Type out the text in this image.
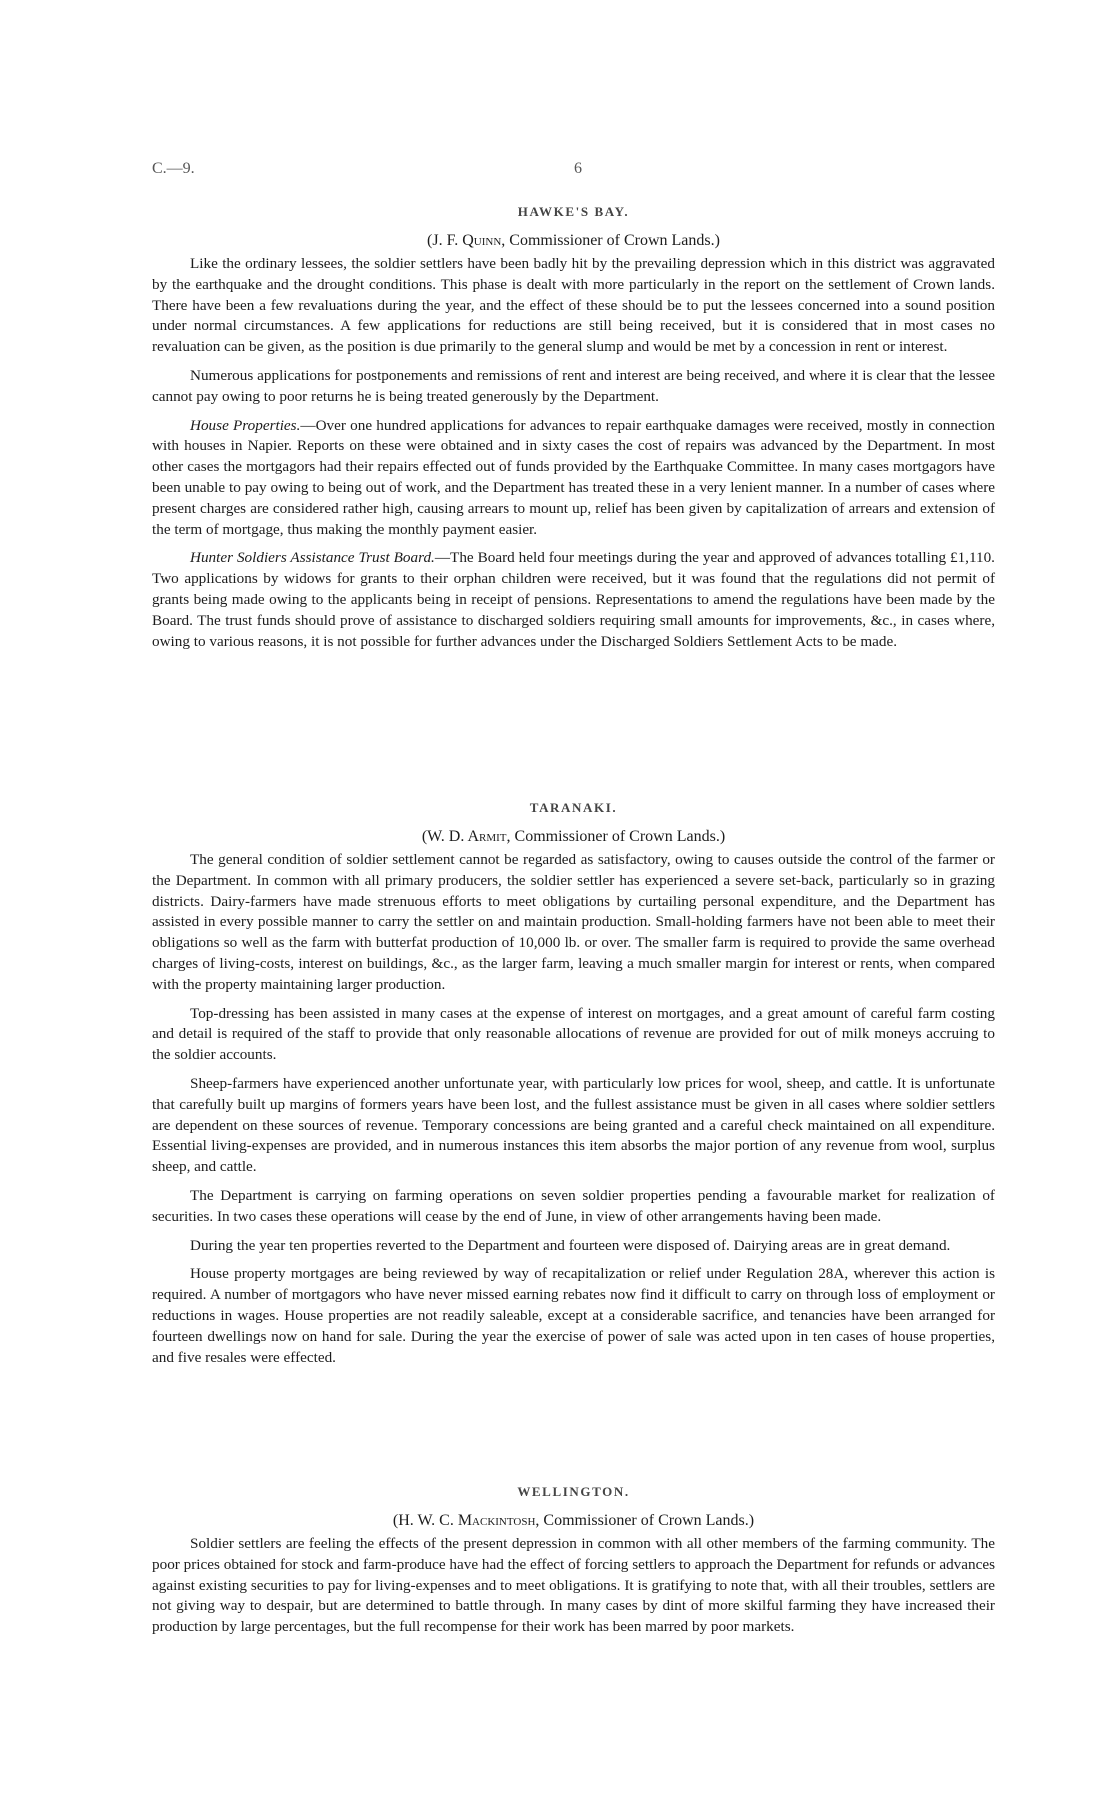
C.—9.	6
HAWKE'S BAY.

(J. F. Quinn, Commissioner of Crown Lands.)

Like the ordinary lessees, the soldier settlers have been badly hit by the prevailing depression which in this district was aggravated by the earthquake and the drought conditions. This phase is dealt with more particularly in the report on the settlement of Crown lands. There have been a few revaluations during the year, and the effect of these should be to put the lessees concerned into a sound position under normal circumstances. A few applications for reductions are still being received, but it is considered that in most cases no revaluation can be given, as the position is due primarily to the general slump and would be met by a concession in rent or interest.

Numerous applications for postponements and remissions of rent and interest are being received, and where it is clear that the lessee cannot pay owing to poor returns he is being treated generously by the Department.

House Properties.—Over one hundred applications for advances to repair earthquake damages were received, mostly in connection with houses in Napier. Reports on these were obtained and in sixty cases the cost of repairs was advanced by the Department. In most other cases the mortgagors had their repairs effected out of funds provided by the Earthquake Committee. In many cases mortgagors have been unable to pay owing to being out of work, and the Department has treated these in a very lenient manner. In a number of cases where present charges are considered rather high, causing arrears to mount up, relief has been given by capitalization of arrears and extension of the term of mortgage, thus making the monthly payment easier.

Hunter Soldiers Assistance Trust Board.—The Board held four meetings during the year and approved of advances totalling £1,110. Two applications by widows for grants to their orphan children were received, but it was found that the regulations did not permit of grants being made owing to the applicants being in receipt of pensions. Representations to amend the regulations have been made by the Board. The trust funds should prove of assistance to discharged soldiers requiring small amounts for improvements, &c., in cases where, owing to various reasons, it is not possible for further advances under the Discharged Soldiers Settlement Acts to be made.

TARANAKI.

(W. D. Armit, Commissioner of Crown Lands.)

The general condition of soldier settlement cannot be regarded as satisfactory, owing to causes outside the control of the farmer or the Department. In common with all primary producers, the soldier settler has experienced a severe set-back, particularly so in grazing districts. Dairy-farmers have made strenuous efforts to meet obligations by curtailing personal expenditure, and the Department has assisted in every possible manner to carry the settler on and maintain production. Small-holding farmers have not been able to meet their obligations so well as the farm with butterfat production of 10,000 lb. or over. The smaller farm is required to provide the same overhead charges of living-costs, interest on buildings, &c., as the larger farm, leaving a much smaller margin for interest or rents, when compared with the property maintaining larger production.

Top-dressing has been assisted in many cases at the expense of interest on mortgages, and a great amount of careful farm costing and detail is required of the staff to provide that only reasonable allocations of revenue are provided for out of milk moneys accruing to the soldier accounts.

Sheep-farmers have experienced another unfortunate year, with particularly low prices for wool, sheep, and cattle. It is unfortunate that carefully built up margins of formers years have been lost, and the fullest assistance must be given in all cases where soldier settlers are dependent on these sources of revenue. Temporary concessions are being granted and a careful check maintained on all expenditure. Essential living-expenses are provided, and in numerous instances this item absorbs the major portion of any revenue from wool, surplus sheep, and cattle.

The Department is carrying on farming operations on seven soldier properties pending a favourable market for realization of securities. In two cases these operations will cease by the end of June, in view of other arrangements having been made.

During the year ten properties reverted to the Department and fourteen were disposed of. Dairying areas are in great demand.

House property mortgages are being reviewed by way of recapitalization or relief under Regulation 28A, wherever this action is required. A number of mortgagors who have never missed earning rebates now find it difficult to carry on through loss of employment or reductions in wages. House properties are not readily saleable, except at a considerable sacrifice, and tenancies have been arranged for fourteen dwellings now on hand for sale. During the year the exercise of power of sale was acted upon in ten cases of house properties, and five resales were effected.

WELLINGTON.

(H. W. C. Mackintosh, Commissioner of Crown Lands.)

Soldier settlers are feeling the effects of the present depression in common with all other members of the farming community. The poor prices obtained for stock and farm-produce have had the effect of forcing settlers to approach the Department for refunds or advances against existing securities to pay for living-expenses and to meet obligations. It is gratifying to note that, with all their troubles, settlers are not giving way to despair, but are determined to battle through. In many cases by dint of more skilful farming they have increased their production by large percentages, but the full recompense for their work has been marred by poor markets.
